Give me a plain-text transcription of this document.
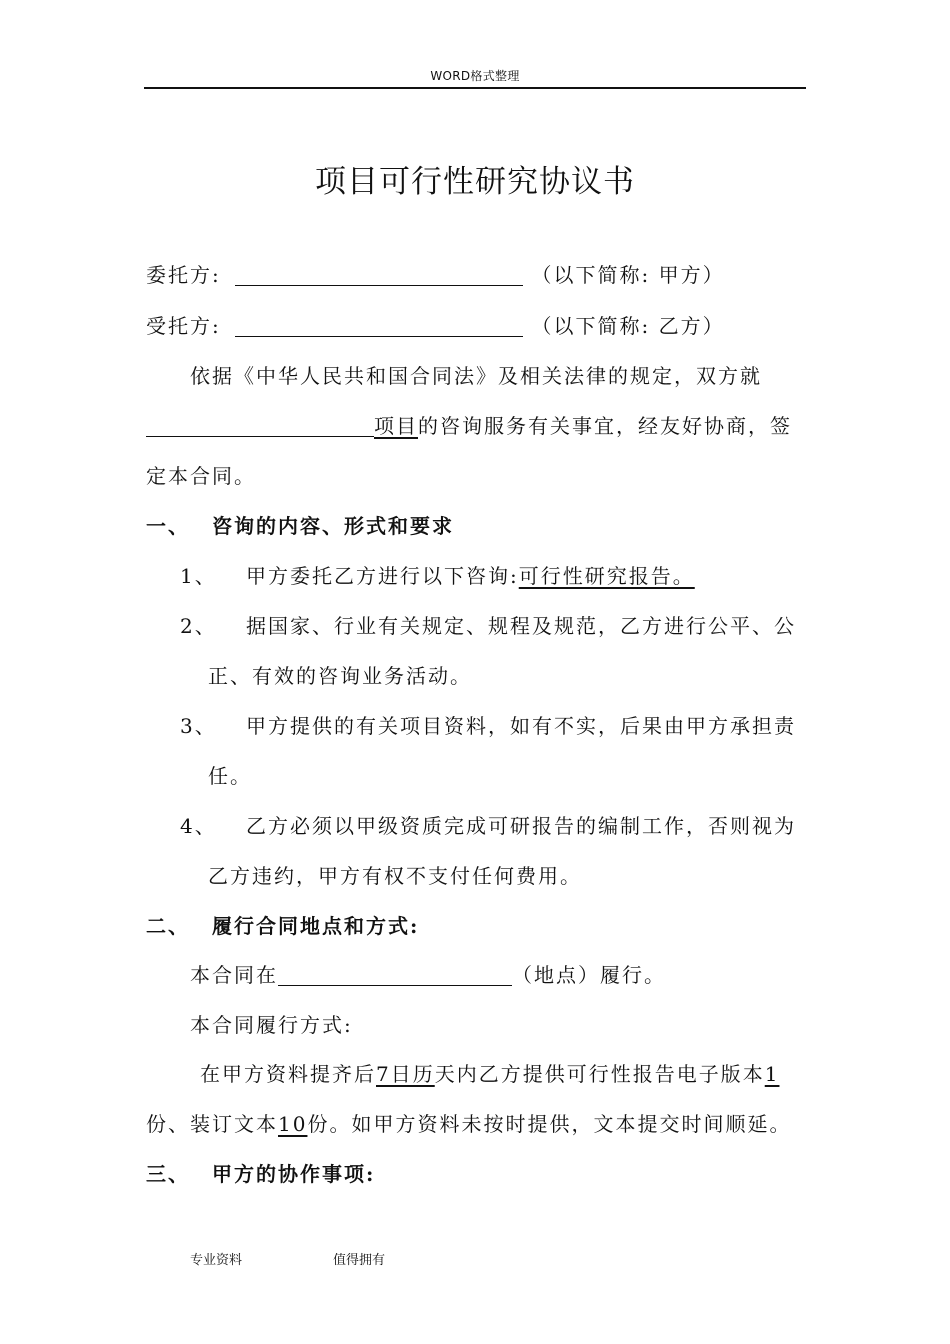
WORD格式整理
项目可行性研究协议书
委托方:	（以下简称: 甲方）
受托方:	（以下简称: 乙方）
依据《中华人民共和国合同法》及相关法律的规定，双方就
项目的咨询服务有关事宜，经友好协商，签
定本合同。
一、 咨询的内容、形式和要求
1、 甲方委托乙方进行以下咨询:可行性研究报告。
2、 据国家、行业有关规定、规程及规范，乙方进行公平、公
正、有效的咨询业务活动。
3、 甲方提供的有关项目资料，如有不实，后果由甲方承担责
任。
4、 乙方必须以甲级资质完成可研报告的编制工作，否则视为
乙方违约，甲方有权不支付任何费用。
二、 履行合同地点和方式:
本合同在	（地点）履行。
本合同履行方式:
在甲方资料提齐后7日历天内乙方提供可行性报告电子版本1
份、装订文本10份。如甲方资料未按时提供，文本提交时间顺延。
三、 甲方的协作事项:
专业资料	值得拥有
